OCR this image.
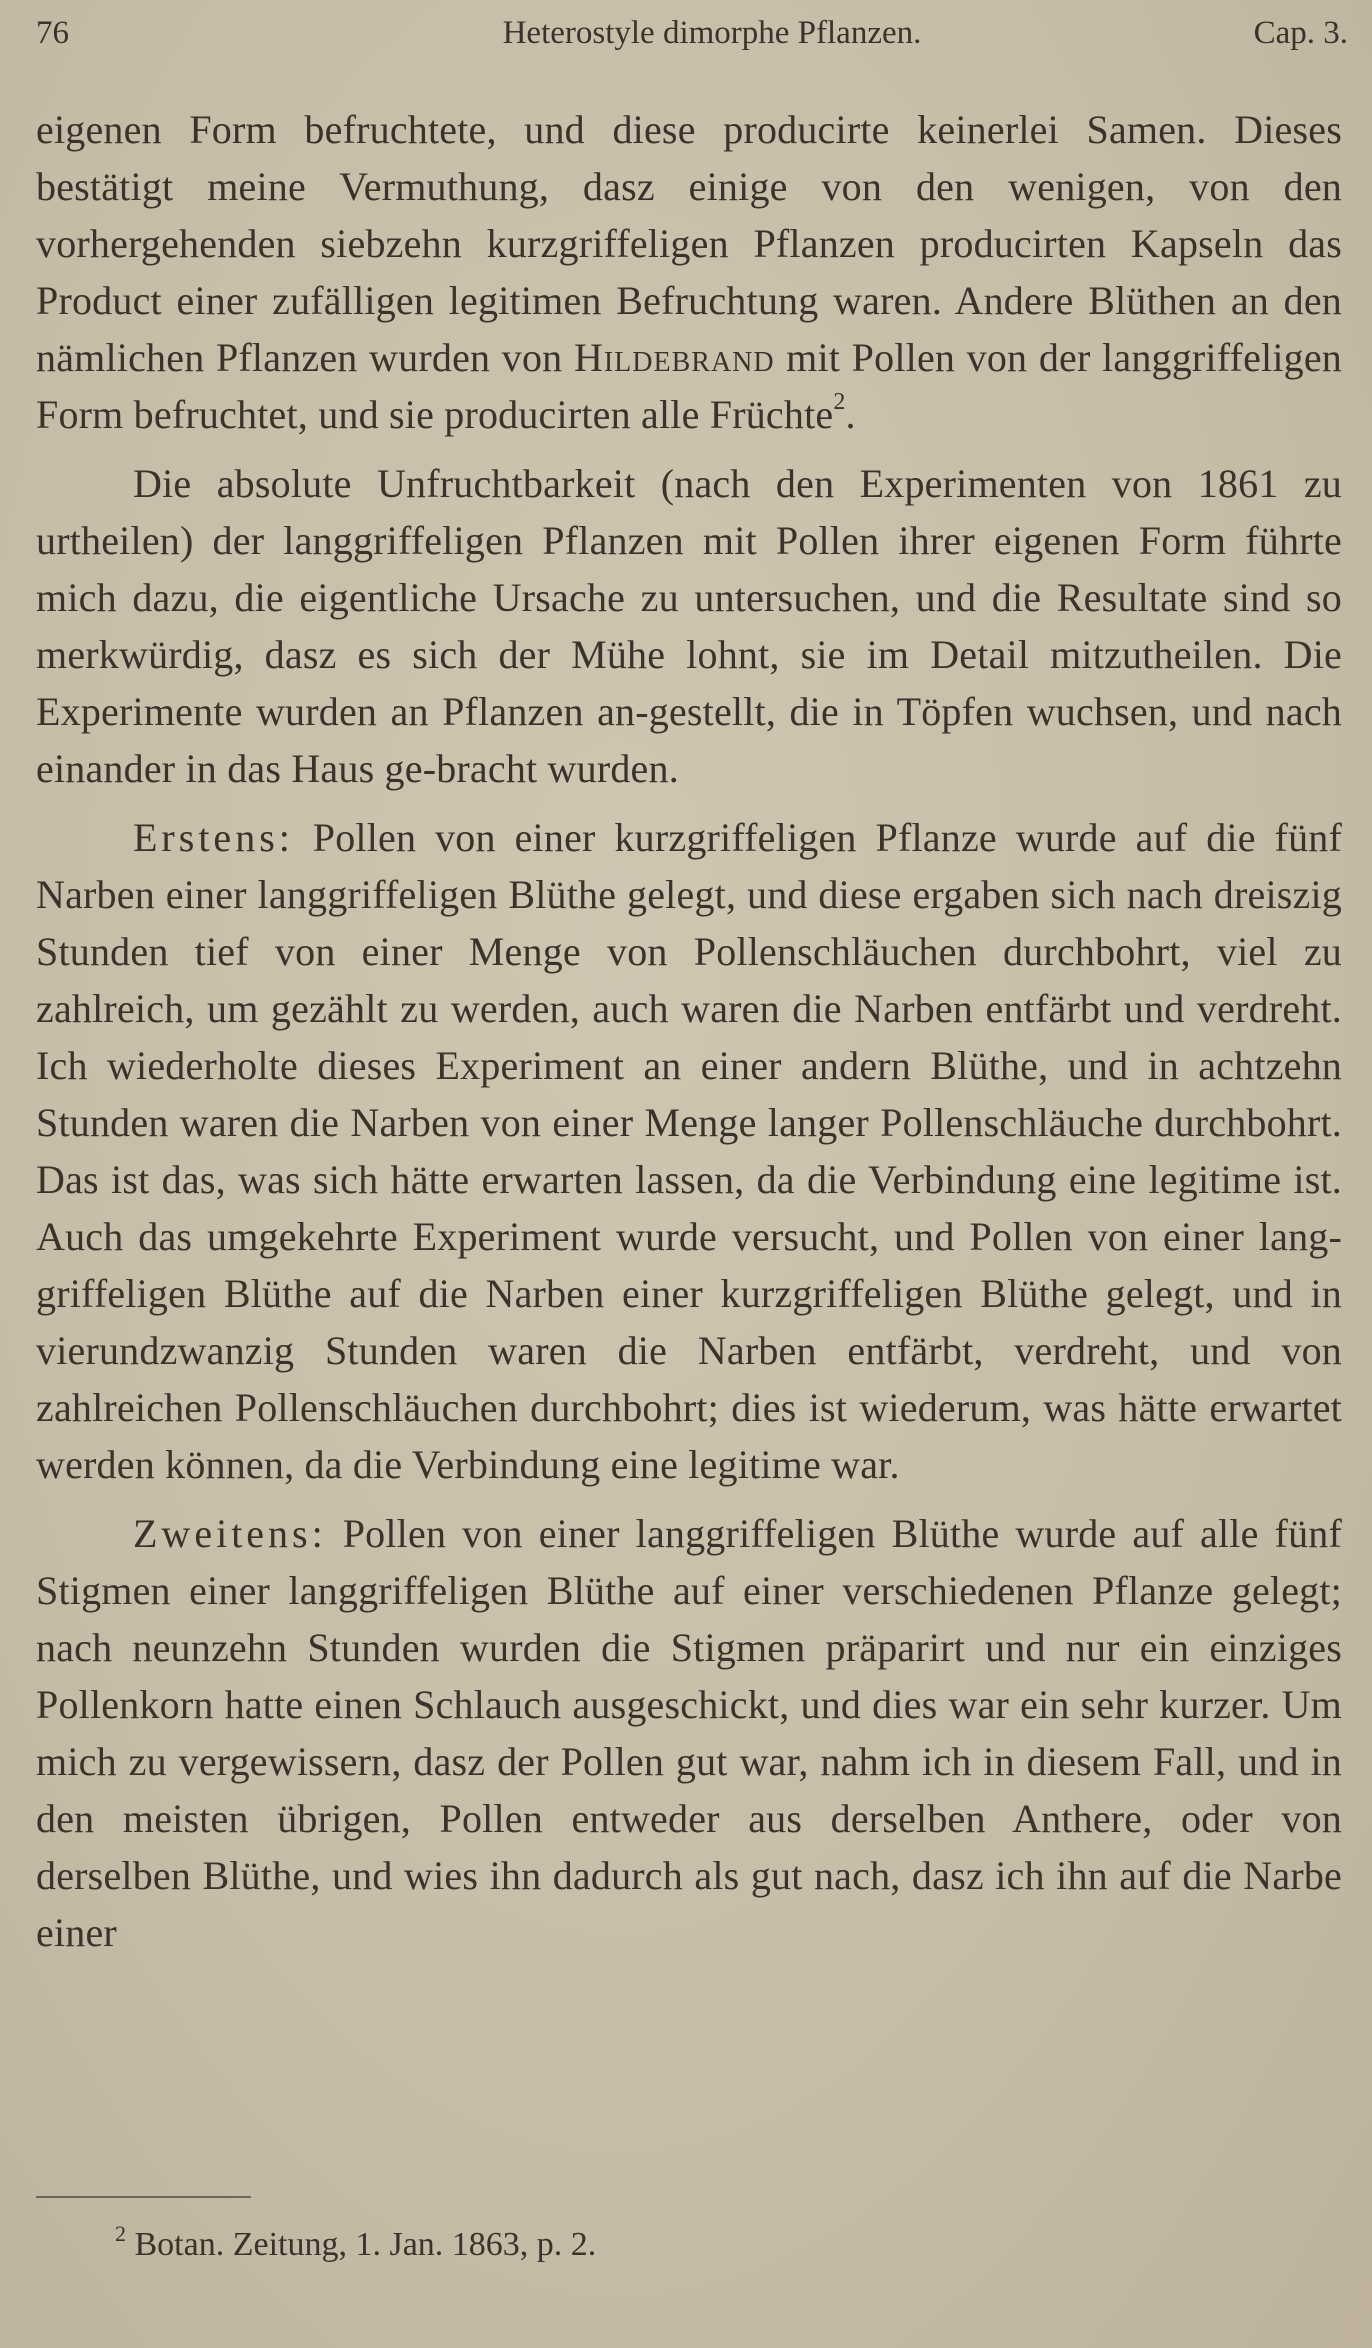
76	Heterostyle dimorphe Pflanzen.	Cap. 3.

eigenen Form befruchtete, und diese producirte keinerlei Samen. Dieses bestätigt meine Vermuthung, dasz einige von den wenigen, von den vorhergehenden siebzehn kurzgriffeligen Pflanzen producirten Kapseln das Product einer zufälligen legitimen Befruchtung waren. Andere Blüthen an den nämlichen Pflanzen wurden von Hildebrand mit Pollen von der langgriffeligen Form befruchtet, und sie producirten alle Früchte$^2$.

Die absolute Unfruchtbarkeit (nach den Experimenten von 1861 zu urtheilen) der langgriffeligen Pflanzen mit Pollen ihrer eigenen Form führte mich dazu, die eigentliche Ursache zu untersuchen, und die Resultate sind so merkwürdig, dasz es sich der Mühe lohnt, sie im Detail mitzutheilen. Die Experimente wurden an Pflanzen an-gestellt, die in Töpfen wuchsen, und nach einander in das Haus ge-bracht wurden.

Erstens: Pollen von einer kurzgriffeligen Pflanze wurde auf die fünf Narben einer langgriffeligen Blüthe gelegt, und diese ergaben sich nach dreiszig Stunden tief von einer Menge von Pollenschläuchen durchbohrt, viel zu zahlreich, um gezählt zu werden, auch waren die Narben entfärbt und verdreht. Ich wiederholte dieses Experiment an einer andern Blüthe, und in achtzehn Stunden waren die Narben von einer Menge langer Pollenschläuche durchbohrt. Das ist das, was sich hätte erwarten lassen, da die Verbindung eine legitime ist. Auch das umgekehrte Experiment wurde versucht, und Pollen von einer lang-griffeligen Blüthe auf die Narben einer kurzgriffeligen Blüthe gelegt, und in vierundzwanzig Stunden waren die Narben entfärbt, verdreht, und von zahlreichen Pollenschläuchen durchbohrt; dies ist wiederum, was hätte erwartet werden können, da die Verbindung eine legitime war.

Zweitens: Pollen von einer langgriffeligen Blüthe wurde auf alle fünf Stigmen einer langgriffeligen Blüthe auf einer verschiedenen Pflanze gelegt; nach neunzehn Stunden wurden die Stigmen präparirt und nur ein einziges Pollenkorn hatte einen Schlauch ausgeschickt, und dies war ein sehr kurzer. Um mich zu vergewissern, dasz der Pollen gut war, nahm ich in diesem Fall, und in den meisten übrigen, Pollen entweder aus derselben Anthere, oder von derselben Blüthe, und wies ihn dadurch als gut nach, dasz ich ihn auf die Narbe einer

$^2$ Botan. Zeitung, 1. Jan. 1863, p. 2.
